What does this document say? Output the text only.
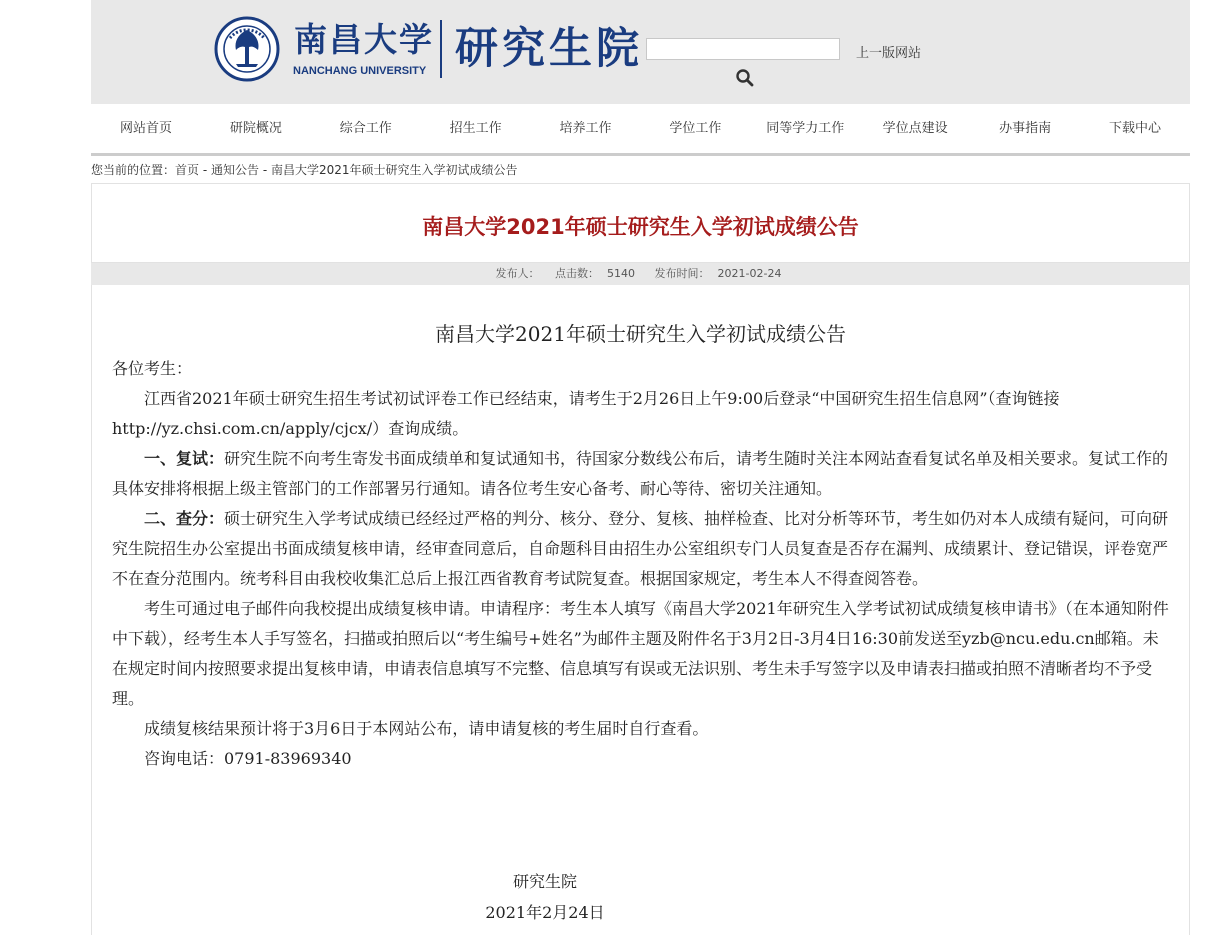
南昌大学
NANCHANG UNIVERSITY 研究生院	上一版网站
网站首页	研院概况	综合工作	招生工作	培养工作	学位工作	同等学力工作	学位点建设	办事指南	下载中心
您当前的位置：首页 - 通知公告 - 南昌大学2021年硕士研究生入学初试成绩公告
南昌大学2021年硕士研究生入学初试成绩公告
发布人： 点击数： 5140 发布时间： 2021-02-24
南昌大学2021年硕士研究生入学初试成绩公告

各位考生：

江西省2021年硕士研究生招生考试初试评卷工作已经结束，请考生于2月26日上午9:00后登录“中国研究生招生信息网”（查询链接http://yz.chsi.com.cn/apply/cjcx/）查询成绩。

一、复试：研究生院不向考生寄发书面成绩单和复试通知书，待国家分数线公布后，请考生随时关注本网站查看复试名单及相关要求。复试工作的具体安排将根据上级主管部门的工作部署另行通知。请各位考生安心备考、耐心等待、密切关注通知。

二、查分：硕士研究生入学考试成绩已经经过严格的判分、核分、登分、复核、抽样检查、比对分析等环节，考生如仍对本人成绩有疑问，可向研究生院招生办公室提出书面成绩复核申请，经审查同意后，自命题科目由招生办公室组织专门人员复查是否存在漏判、成绩累计、登记错误，评卷宽严不在查分范围内。统考科目由我校收集汇总后上报江西省教育考试院复查。根据国家规定，考生本人不得查阅答卷。

考生可通过电子邮件向我校提出成绩复核申请。申请程序：考生本人填写《南昌大学2021年研究生入学考试初试成绩复核申请书》（在本通知附件中下载），经考生本人手写签名，扫描或拍照后以“考生编号+姓名”为邮件主题及附件名于3月2日-3月4日16:30前发送至yzb@ncu.edu.cn邮箱。未在规定时间内按照要求提出复核申请，申请表信息填写不完整、信息填写有误或无法识别、考生未手写签字以及申请表扫描或拍照不清晰者均不予受理。

成绩复核结果预计将于3月6日于本网站公布，请申请复核的考生届时自行查看。

咨询电话：0791-83969340

研究生院
2021年2月24日
